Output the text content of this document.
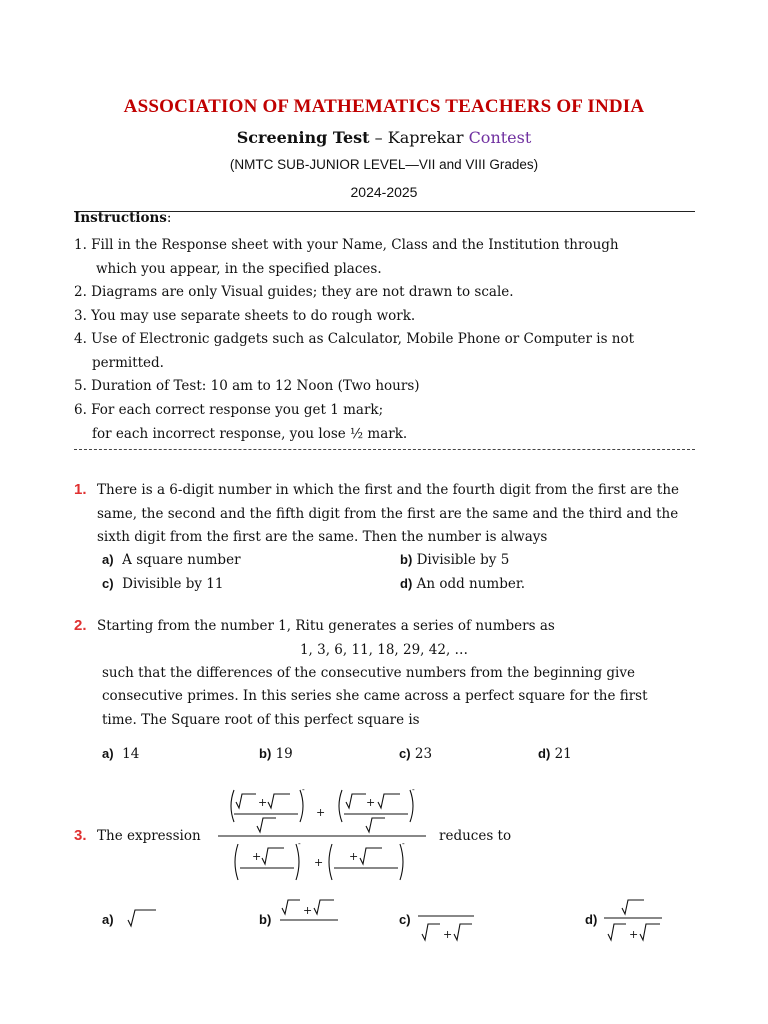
ASSOCIATION OF MATHEMATICS TEACHERS OF INDIA
Screening Test – Kaprekar Contest
(NMTC SUB-JUNIOR LEVEL—VII and VIII Grades)
2024-2025
Instructions:
1. Fill in the Response sheet with your Name, Class and the Institution through
which you appear, in the specified places.
2. Diagrams are only Visual guides; they are not drawn to scale.
3. You may use separate sheets to do rough work.
4. Use of Electronic gadgets such as Calculator, Mobile Phone or Computer is not
permitted.
5. Duration of Test: 10 am to 12 Noon (Two hours)
6. For each correct response you get 1 mark;
for each incorrect response, you lose ½ mark.
1. There is a 6-digit number in which the first and the fourth digit from the first are the
same, the second and the fifth digit from the first are the same and the third and the
sixth digit from the first are the same. Then the number is always
a) A square number	b) Divisible by 5
c) Divisible by 11	d) An odd number.
2. Starting from the number 1, Ritu generates a series of numbers as
1, 3, 6, 11, 18, 29, 42, …
such that the differences of the consecutive numbers from the beginning give
consecutive primes. In this series she came across a perfect square for the first
time. The Square root of this perfect square is
a) 14	b) 19	c) 23	d) 21
3. The expression	reduces to
+	+
+
+	+
+
-	-
-	-
a)	b)
+
c)
+
d)
+
